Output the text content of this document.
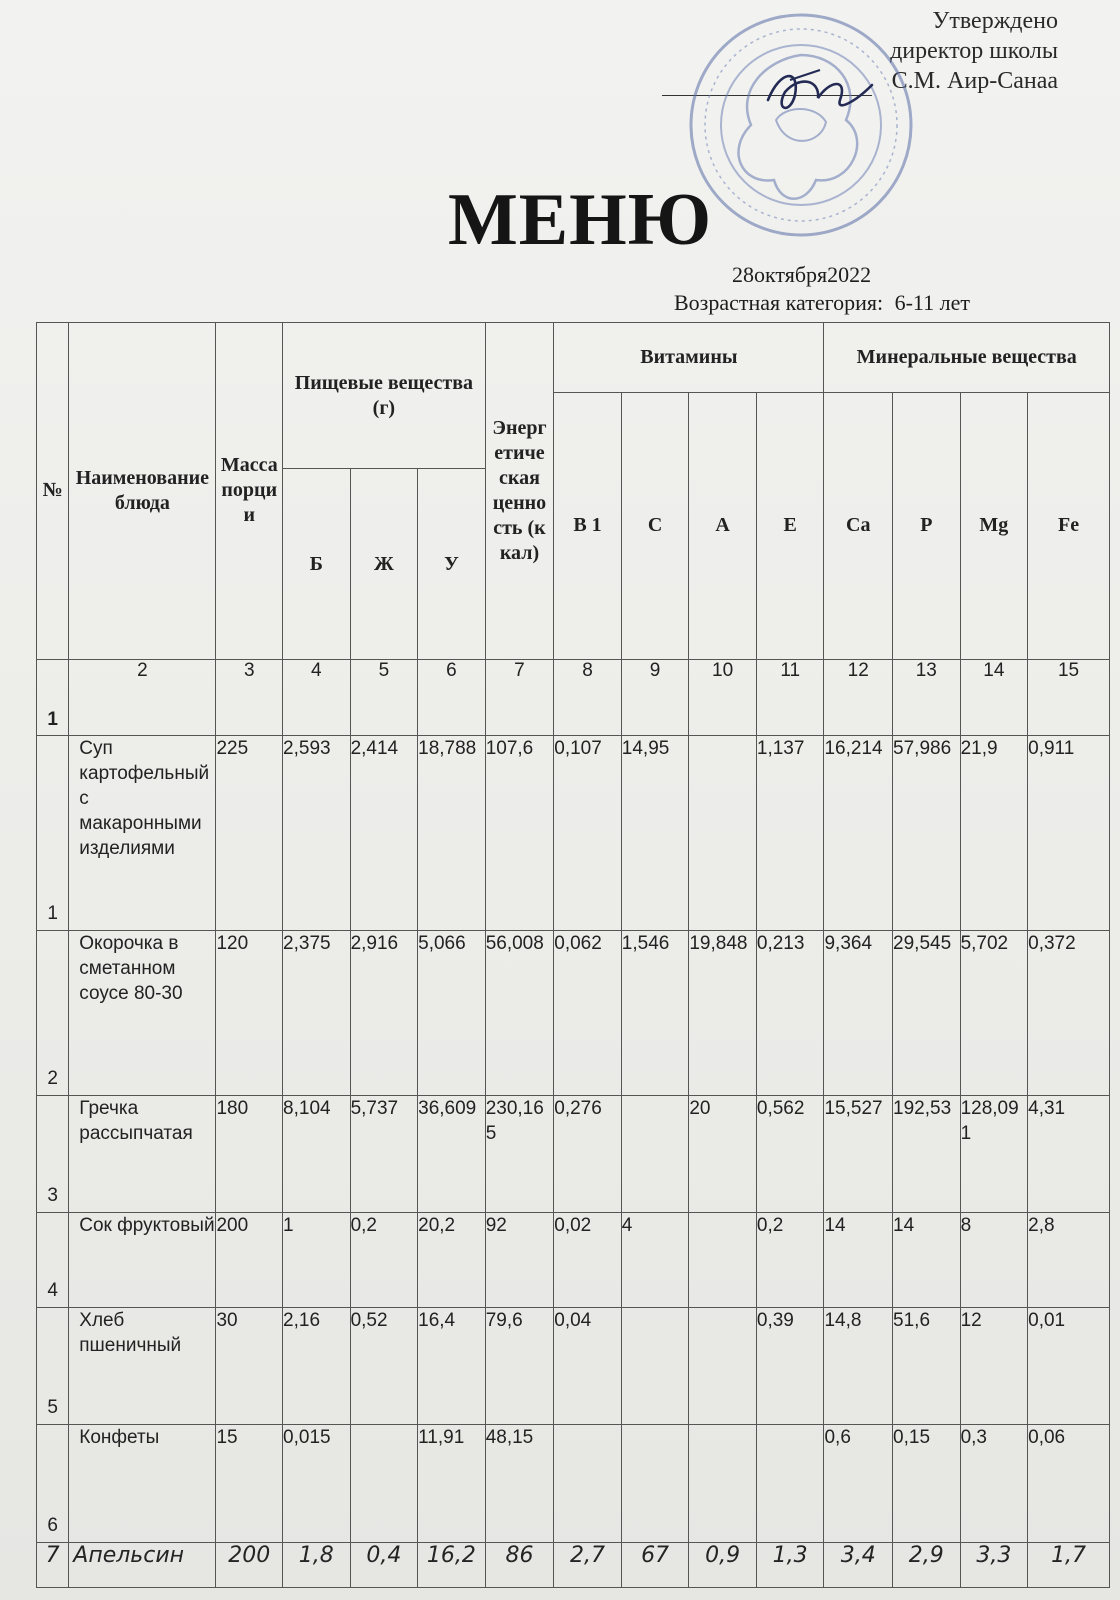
Утверждено
директор школы
С.М. Аир-Санаа
МЕНЮ
28октября2022
Возрастная категория: 6-11 лет
№	Наименование блюда	Масса порции	Пищевые вещества (г)			Энергетическая ценность (ккал)	Витамины				Минеральные вещества			
							B 1	C	A	E	Ca	P	Mg	Fe
			Б	Ж	У									
1	2	3	4	5	6	7	8	9	10	11	12	13	14	15
1	Суп картофельный с макаронными изделиями	225	2,593	2,414	18,788	107,6	0,107	14,95		1,137	16,214	57,986	21,9	0,911
2	Окорочка в сметанном соусе 80-30	120	2,375	2,916	5,066	56,008	0,062	1,546	19,848	0,213	9,364	29,545	5,702	0,372
3	Гречка рассыпчатая	180	8,104	5,737	36,609	230,165	0,276		20	0,562	15,527	192,53	128,091	4,31
4	Сок фруктовый	200	1	0,2	20,2	92	0,02	4		0,2	14	14	8	2,8
5	Хлеб пшеничный	30	2,16	0,52	16,4	79,6	0,04			0,39	14,8	51,6	12	0,01
6	Конфеты	15	0,015		11,91	48,15					0,6	0,15	0,3	0,06
7	Апельсин	200	1,8	0,4	16,2	86	2,7	67	0,9	1,3	3,4	2,9	3,3	1,7
